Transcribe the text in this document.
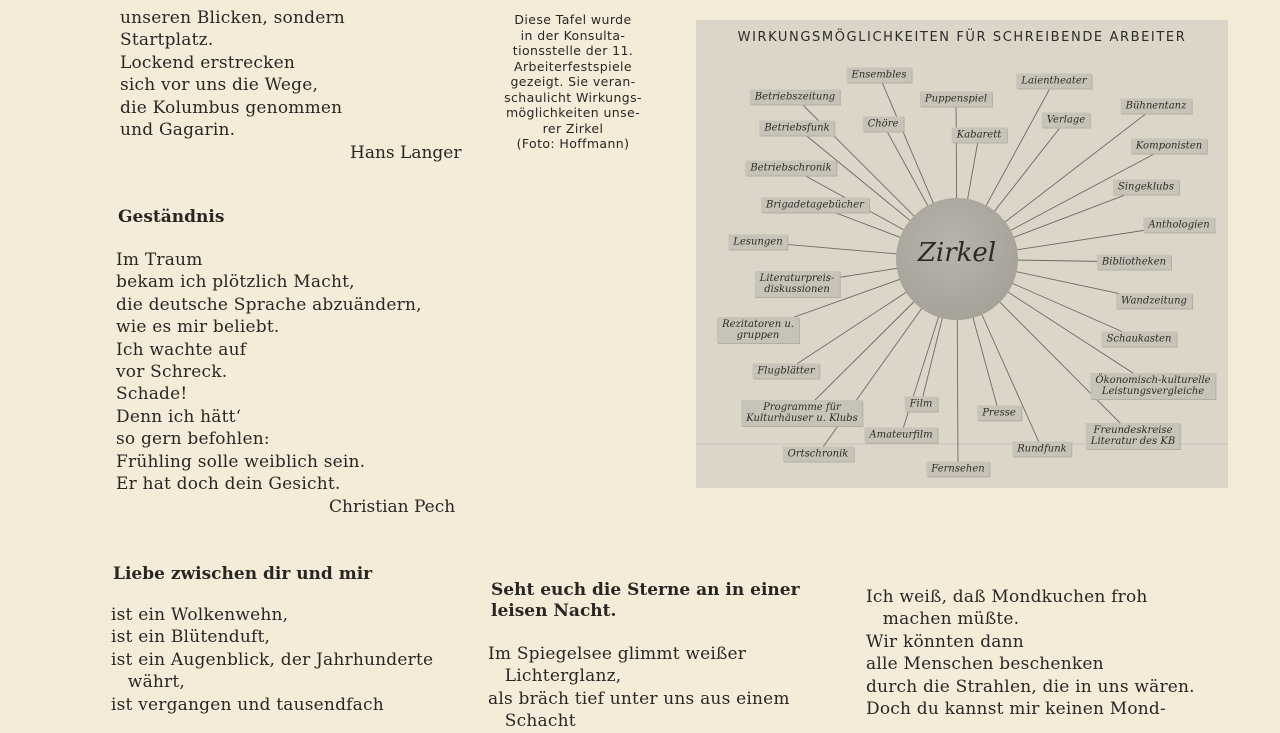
unseren Blicken, sondern
Startplatz.
Lockend erstrecken
sich vor uns die Wege,
die Kolumbus genommen
und Gagarin.
Hans Langer
Diese Tafel wurde
in der Konsulta-
tionsstelle der 11.
Arbeiterfestspiele
gezeigt. Sie veran-
schaulicht Wirkungs-
möglichkeiten unse-
rer Zirkel
(Foto: Hoffmann)
Geständnis
Im Traum
bekam ich plötzlich Macht,
die deutsche Sprache abzuändern,
wie es mir beliebt.
Ich wachte auf
vor Schreck.
Schade!
Denn ich hätt‘
so gern befohlen:
Frühling solle weiblich sein.
Er hat doch dein Gesicht.
Christian Pech
Liebe zwischen dir und mir
ist ein Wolkenwehn,
ist ein Blütenduft,
ist ein Augenblick, der Jahrhunderte
währt,
ist vergangen und tausendfach
Seht euch die Sterne an in einer
leisen Nacht.
Im Spiegelsee glimmt weißer
Lichterglanz,
als bräch tief unter uns aus einem
Schacht
Ich weiß, daß Mondkuchen froh
machen müßte.
Wir könnten dann
alle Menschen beschenken
durch die Strahlen, die in uns wären.
Doch du kannst mir keinen Mond-
WIRKUNGSMÖGLICHKEITEN FÜR SCHREIBENDE ARBEITER
Zirkel
Ensembles
Laientheater
Betriebszeitung	Puppenspiel
Bühnentanz
Chöre	Verlage
Betriebsfunk
Kabarett
Komponisten
Betriebschronik
Singeklubs
Brigadetagebücher
Anthologien
Lesungen
Bibliotheken
Literaturpreis-
diskussionen
Wandzeitung
Rezitatoren u.
gruppen	Schaukasten
Flugblätter
Ökonomisch-kulturelle
Leistungsvergleiche
Film
Presse
Programme für
Kulturhäuser u. Klubs
Freundeskreise
Literatur des KB
Amateurfilm
Rundfunk
Ortschronik
Fernsehen
